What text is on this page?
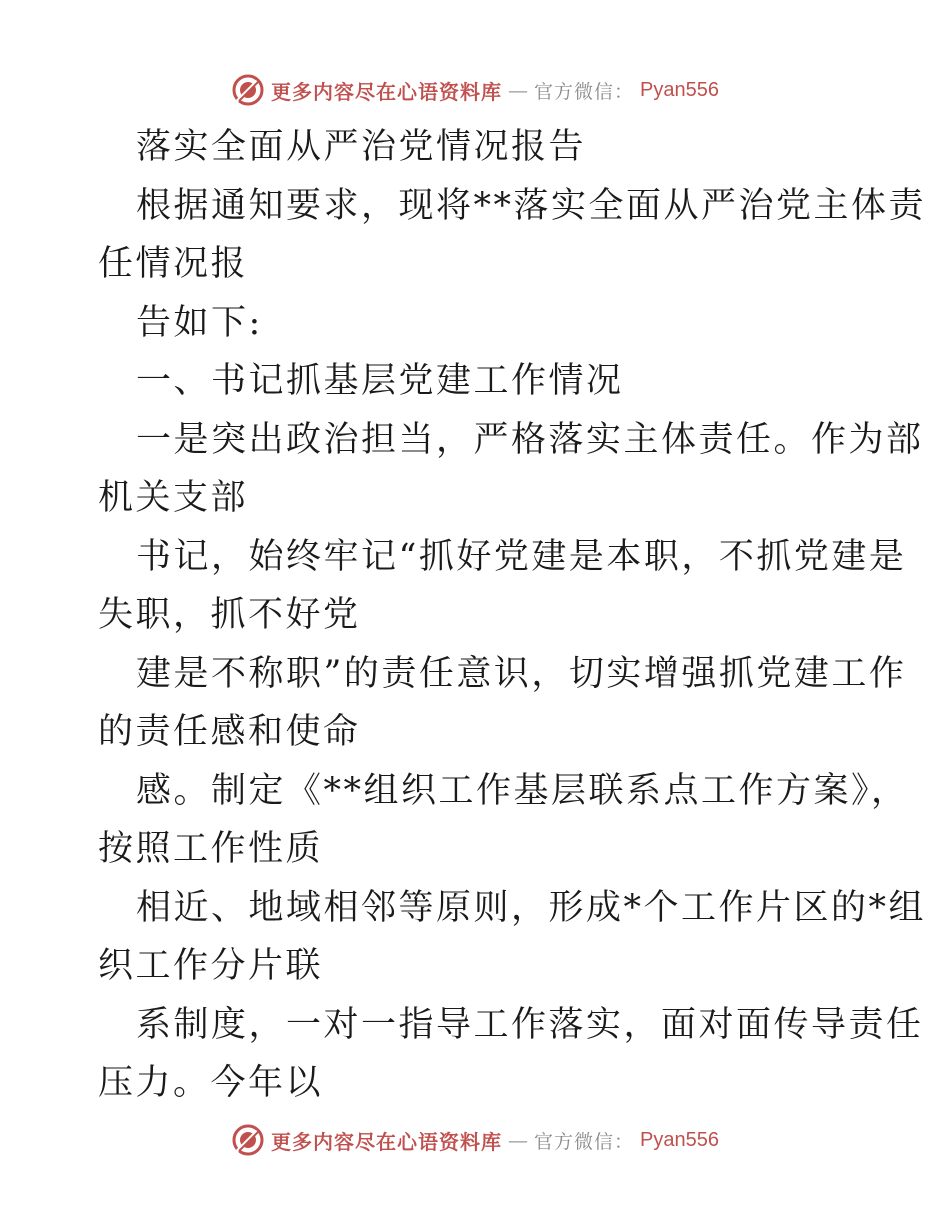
更多内容尽在心语资料库 — 官方微信： Pyan556

落实全面从严治党情况报告

根据通知要求，现将**落实全面从严治党主体责

任情况报

告如下:

一、书记抓基层党建工作情况

一是突出政治担当，严格落实主体责任。作为部

机关支部

书记，始终牢记“抓好党建是本职，不抓党建是

失职，抓不好党

建是不称职”的责任意识，切实增强抓党建工作

的责任感和使命

感。制定《**组织工作基层联系点工作方案》，

按照工作性质

相近、地域相邻等原则，形成*个工作片区的*组

织工作分片联

系制度，一对一指导工作落实，面对面传导责任

压力。今年以

更多内容尽在心语资料库 — 官方微信： Pyan556
